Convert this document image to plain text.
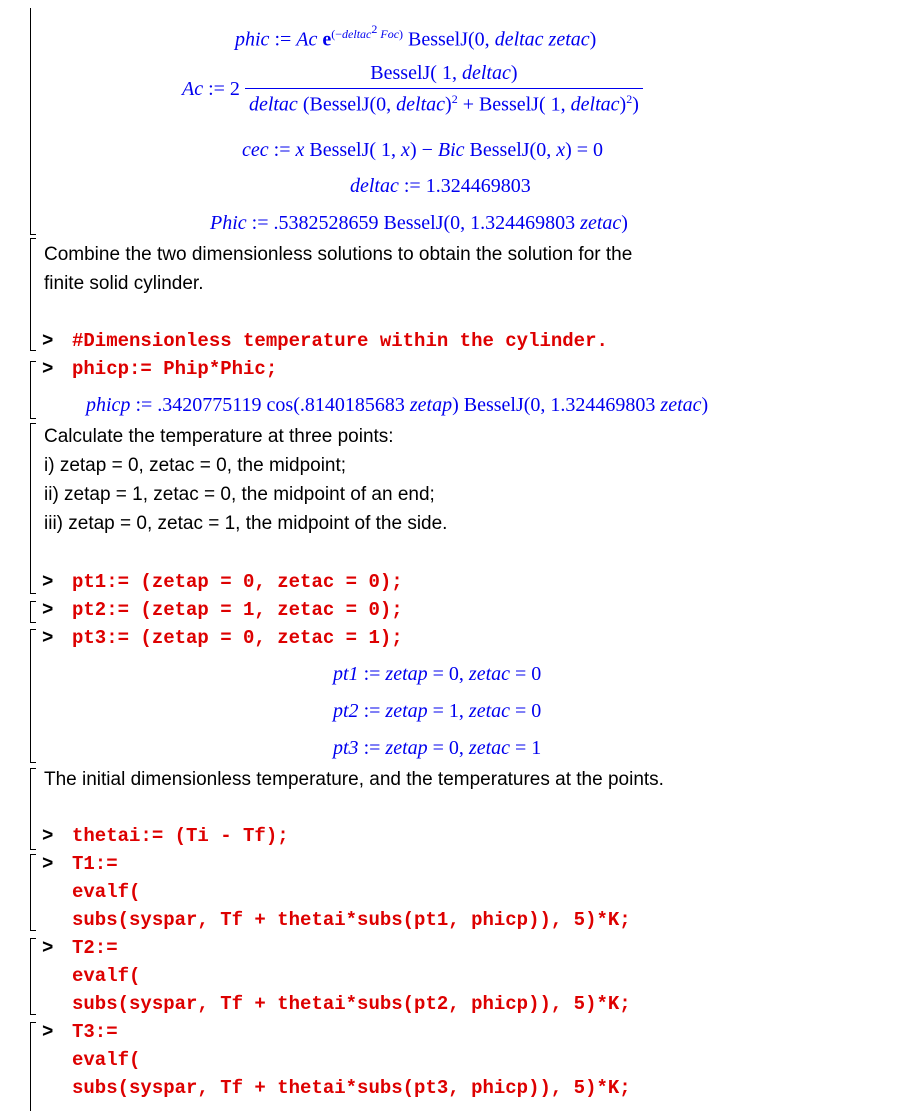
phic := Ac $e^{(-deltac^2 Foc)}$ BesselJ(0, deltac zetac)
Ac := $2 \frac{\text{BesselJ( 1, deltac)}}{deltac (BesselJ(0, deltac)^2 + BesselJ( 1, deltac)^2)}$
cec := x BesselJ( 1, x) − Bic BesselJ(0, x) = 0
deltac := 1.324469803
Phic := .5382528659 BesselJ(0, 1.324469803 zetac)
Combine the two dimensionless solutions to obtain the solution for the
finite solid cylinder.
> #Dimensionless temperature within the cylinder.
> phicp:= Phip*Phic;
phicp := .3420775119 cos(.8140185683 zetap) BesselJ(0, 1.324469803 zetac)
Calculate the temperature at three points:
i) zetap = 0, zetac = 0, the midpoint;
ii) zetap = 1, zetac = 0, the midpoint of an end;
iii) zetap = 0, zetac = 1, the midpoint of the side.
> pt1:= (zetap = 0, zetac = 0);
> pt2:= (zetap = 1, zetac = 0);
> pt3:= (zetap = 0, zetac = 1);
pt1 := zetap = 0, zetac = 0
pt2 := zetap = 1, zetac = 0
pt3 := zetap = 0, zetac = 1
The initial dimensionless temperature, and the temperatures at the points.
> thetai:= (Ti - Tf);
> T1:=
evalf(
subs(syspar, Tf + thetai*subs(pt1, phicp)), 5)*K;
> T2:=
evalf(
subs(syspar, Tf + thetai*subs(pt2, phicp)), 5)*K;
> T3:=
evalf(
subs(syspar, Tf + thetai*subs(pt3, phicp)), 5)*K;
